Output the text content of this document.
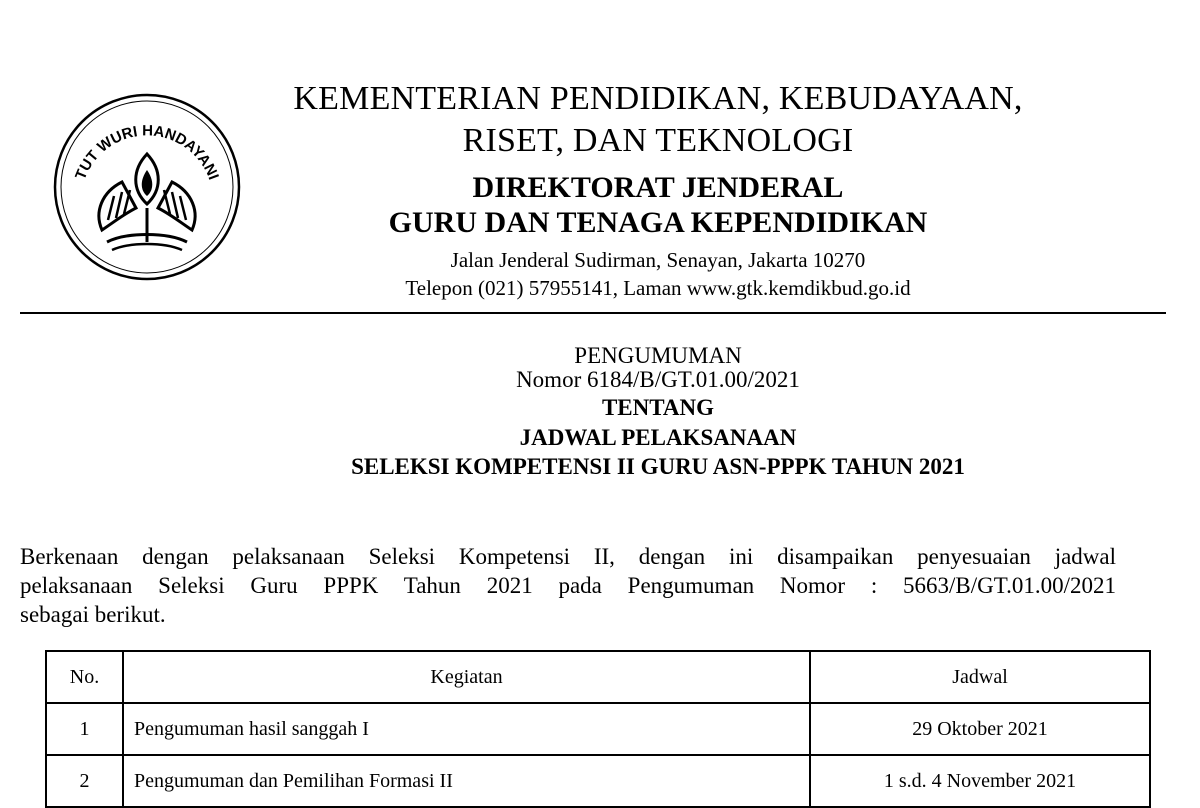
TUT WURI HANDAYANI
KEMENTERIAN PENDIDIKAN, KEBUDAYAAN,
RISET, DAN TEKNOLOGI
DIREKTORAT JENDERAL
GURU DAN TENAGA KEPENDIDIKAN
Jalan Jenderal Sudirman, Senayan, Jakarta 10270
Telepon (021) 57955141, Laman www.gtk.kemdikbud.go.id
PENGUMUMAN
Nomor 6184/B/GT.01.00/2021
TENTANG
JADWAL PELAKSANAAN
SELEKSI KOMPETENSI II GURU ASN-PPPK TAHUN 2021
Berkenaan dengan pelaksanaan Seleksi Kompetensi II, dengan ini disampaikan penyesuaian jadwal
pelaksanaan Seleksi Guru PPPK Tahun 2021 pada Pengumuman Nomor : 5663/B/GT.01.00/2021
sebagai berikut.
No.	Kegiatan	Jadwal
1	Pengumuman hasil sanggah I	29 Oktober 2021
2	Pengumuman dan Pemilihan Formasi II	1 s.d. 4 November 2021
